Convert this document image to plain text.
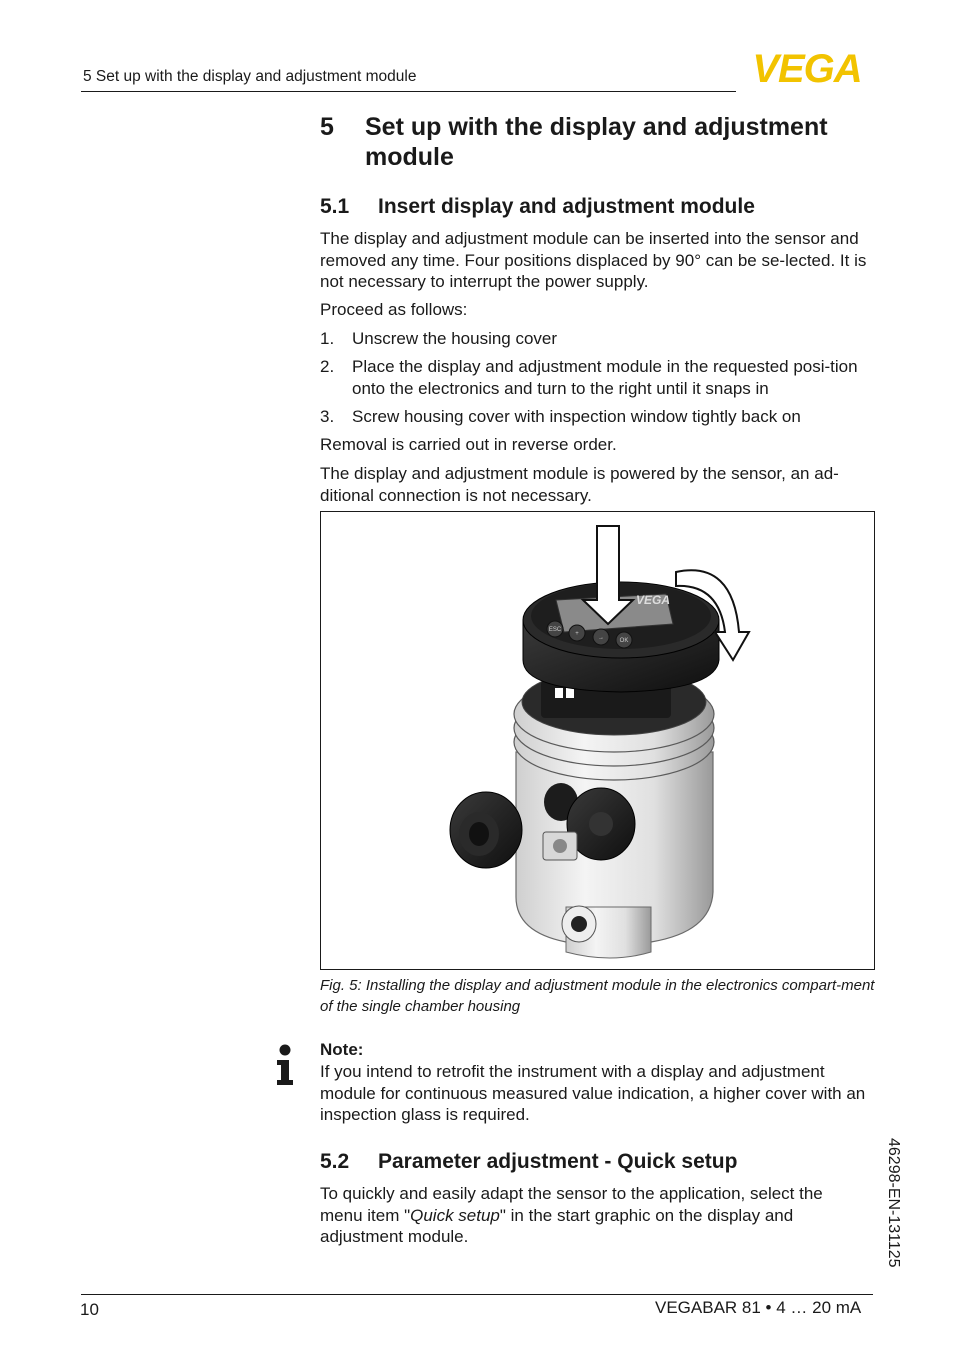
5 Set up with the display and adjustment module	VEGA
5 Set up with the display and adjustment module
5.1 Insert display and adjustment module
The display and adjustment module can be inserted into the sensor and removed any time. Four positions displaced by 90° can be se-lected. It is not necessary to interrupt the power supply.
Proceed as follows:
1. Unscrew the housing cover
2. Place the display and adjustment module in the requested posi-tion onto the electronics and turn to the right until it snaps in
3. Screw housing cover with inspection window tightly back on
Removal is carried out in reverse order.
The display and adjustment module is powered by the sensor, an ad-ditional connection is not necessary.
VEGA
ESC
+
→	OK
Fig. 5: Installing the display and adjustment module in the electronics compart-ment of the single chamber housing
Note:
If you intend to retrofit the instrument with a display and adjustment module for continuous measured value indication, a higher cover with an inspection glass is required.
5.2 Parameter adjustment - Quick setup
To quickly and easily adapt the sensor to the application, select the menu item "Quick setup" in the start graphic on the display and adjustment module.	46298-EN-131125
10	VEGABAR 81 • 4 … 20 mA
